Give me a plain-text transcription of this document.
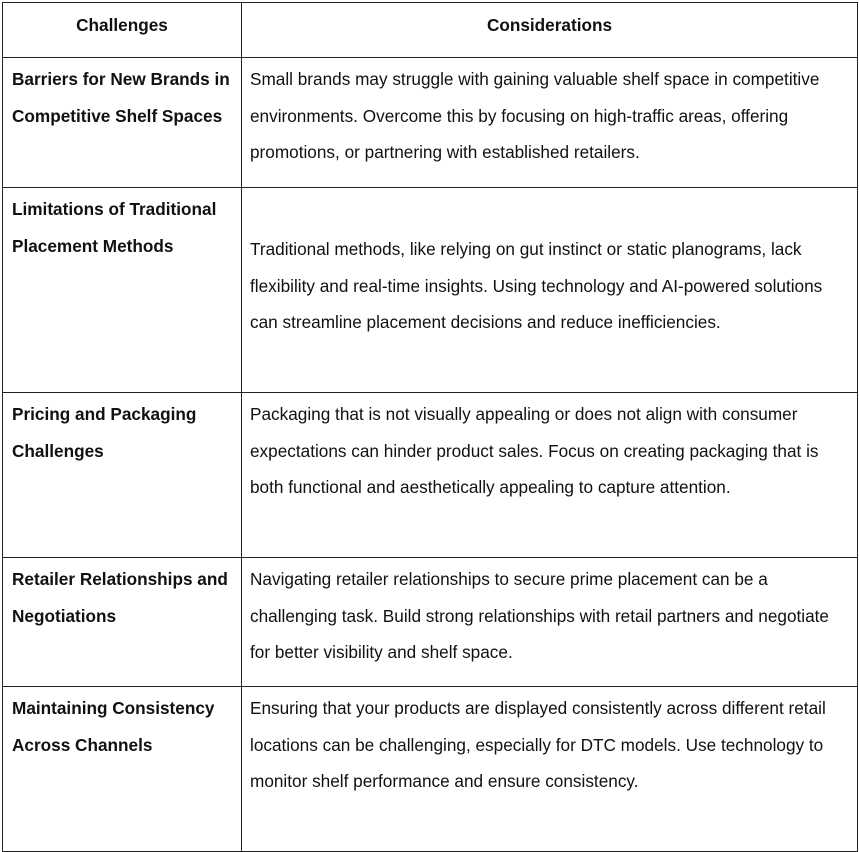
Challenges	Considerations
Barriers for New Brands in Competitive Shelf Spaces	Small brands may struggle with gaining valuable shelf space in competitive environments. Overcome this by focusing on high-traffic areas, offering promotions, or partnering with established retailers.
Limitations of Traditional Placement Methods	Traditional methods, like relying on gut instinct or static planograms, lack flexibility and real-time insights. Using technology and AI-powered solutions can streamline placement decisions and reduce inefficiencies.
Pricing and Packaging Challenges	Packaging that is not visually appealing or does not align with consumer expectations can hinder product sales. Focus on creating packaging that is both functional and aesthetically appealing to capture attention.
Retailer Relationships and Negotiations	Navigating retailer relationships to secure prime placement can be a challenging task. Build strong relationships with retail partners and negotiate for better visibility and shelf space.
Maintaining Consistency Across Channels	Ensuring that your products are displayed consistently across different retail locations can be challenging, especially for DTC models. Use technology to monitor shelf performance and ensure consistency.
